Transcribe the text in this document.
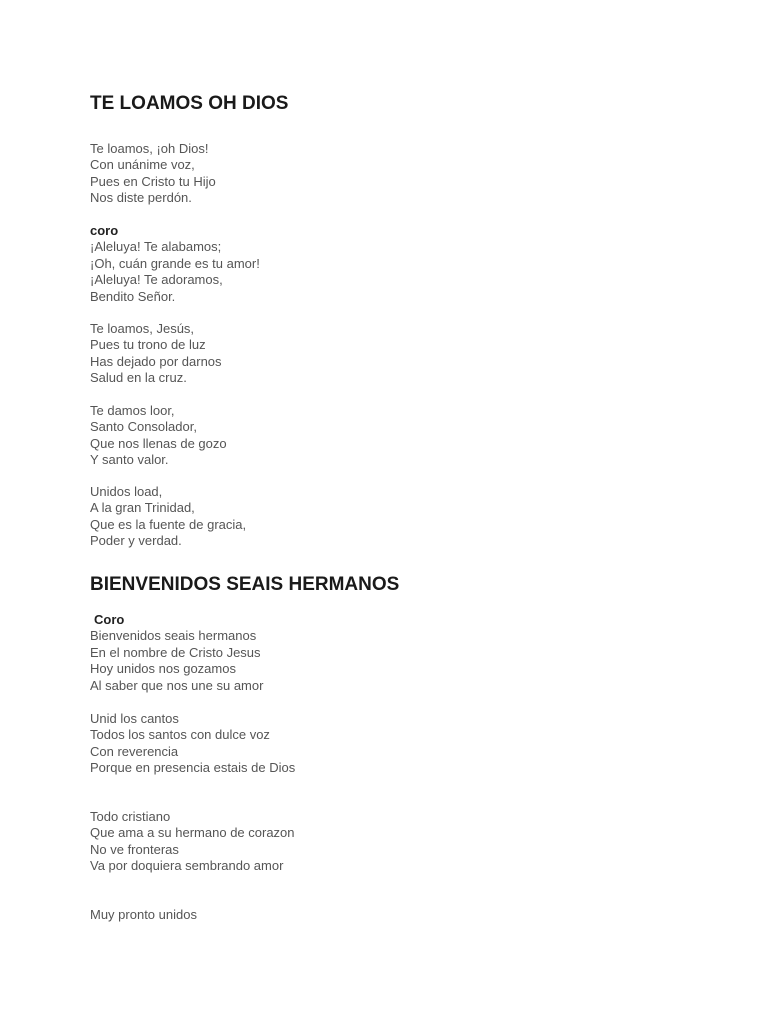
TE LOAMOS OH DIOS
Te loamos, ¡oh Dios!
Con unánime voz,
Pues en Cristo tu Hijo
Nos diste perdón.
coro
¡Aleluya! Te alabamos;
¡Oh, cuán grande es tu amor!
¡Aleluya! Te adoramos,
Bendito Señor.
Te loamos, Jesús,
Pues tu trono de luz
Has dejado por darnos
Salud en la cruz.
Te damos loor,
Santo Consolador,
Que nos llenas de gozo
Y santo valor.
Unidos load,
A la gran Trinidad,
Que es la fuente de gracia,
Poder y verdad.
BIENVENIDOS SEAIS HERMANOS
Coro
Bienvenidos seais hermanos
En el nombre de Cristo Jesus
Hoy unidos nos gozamos
Al saber que nos une su amor
Unid los cantos
Todos los santos con dulce voz
Con reverencia
Porque en presencia estais de Dios
Todo cristiano
Que ama a su hermano de corazon
No ve fronteras
Va por doquiera sembrando amor
Muy pronto unidos
